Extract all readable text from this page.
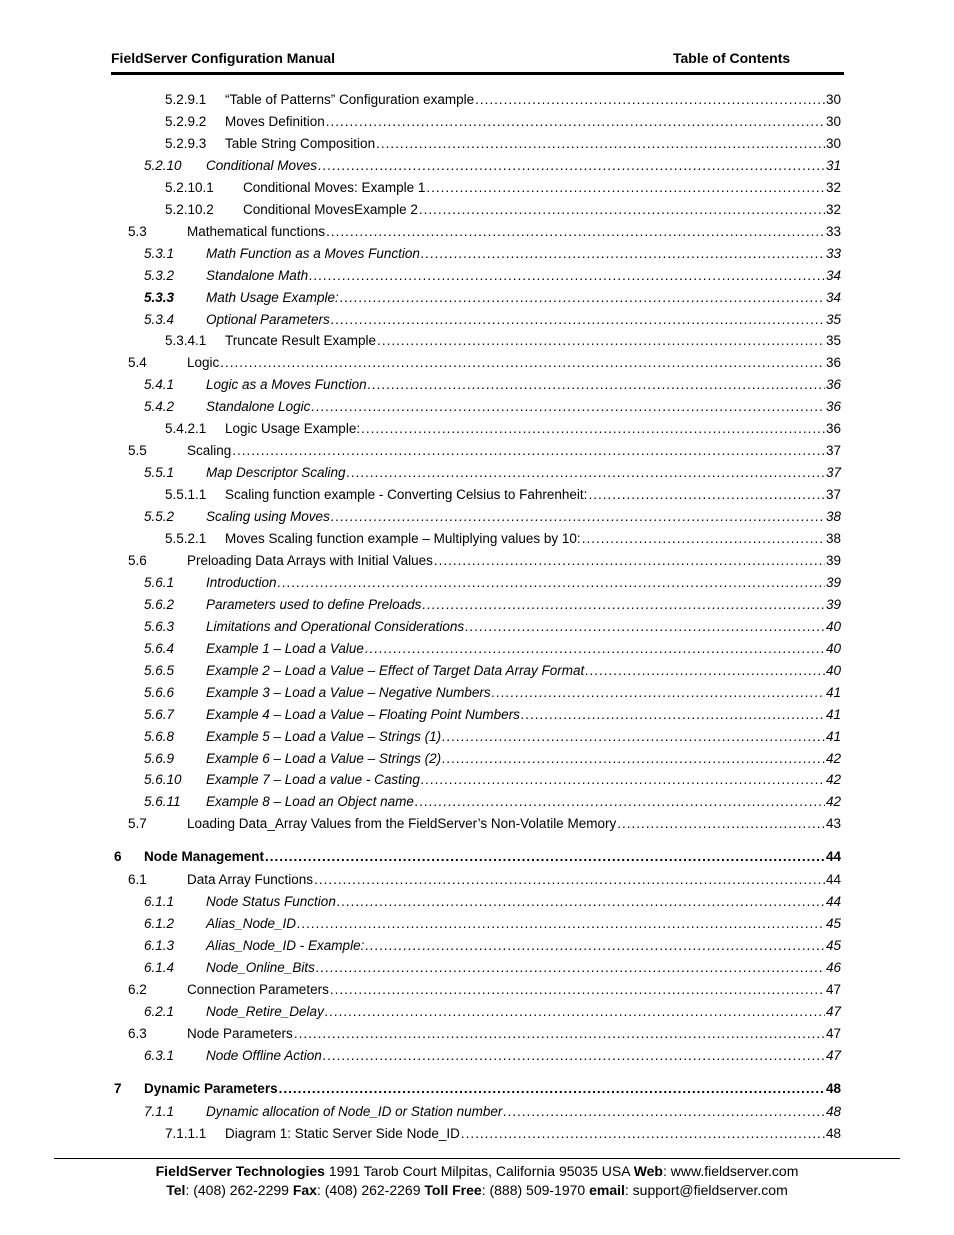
FieldServer Configuration Manual	Table of Contents
5.2.9.1 “Table of Patterns” Configuration example .....	30
5.2.9.2 Moves Definition .....	30
5.2.9.3 Table String Composition .....	30
5.2.10 Conditional Moves .....	31
5.2.10.1 Conditional Moves: Example 1 .....	32
5.2.10.2 Conditional MovesExample 2 .....	32
5.3	Mathematical functions .....	33
5.3.1 Math Function as a Moves Function .....	33
5.3.2 Standalone Math .....	34
5.3.3 Math Usage Example: .....	34
5.3.4 Optional Parameters .....	35
5.3.4.1 Truncate Result Example .....	35
5.4	Logic .....	36
5.4.1 Logic as a Moves Function .....	36
5.4.2 Standalone Logic .....	36
5.4.2.1 Logic Usage Example: .....	36
5.5	Scaling .....	37
5.5.1 Map Descriptor Scaling .....	37
5.5.1.1 Scaling function example - Converting Celsius to Fahrenheit: .....	37
5.5.2 Scaling using Moves .....	38
5.5.2.1 Moves Scaling function example – Multiplying values by 10: .....	38
5.6	Preloading Data Arrays with Initial Values .....	39
5.6.1 Introduction .....	39
5.6.2 Parameters used to define Preloads .....	39
5.6.3 Limitations and Operational Considerations .....	40
5.6.4 Example 1 – Load a Value .....	40
5.6.5 Example 2 – Load a Value – Effect of Target Data Array Format .....	40
5.6.6 Example 3 – Load a Value – Negative Numbers .....	41
5.6.7 Example 4 – Load a Value – Floating Point Numbers .....	41
5.6.8 Example 5 – Load a Value – Strings (1) .....	41
5.6.9 Example 6 – Load a Value – Strings (2) .....	42
5.6.10 Example 7 – Load a value - Casting .....	42
5.6.11 Example 8 – Load an Object name .....	42
5.7	Loading Data_Array Values from the FieldServer’s Non-Volatile Memory .....	43
6 Node Management .....	44
6.1	Data Array Functions .....	44
6.1.1 Node Status Function .....	44
6.1.2 Alias_Node_ID .....	45
6.1.3 Alias_Node_ID - Example: .....	45
6.1.4 Node_Online_Bits .....	46
6.2	Connection Parameters .....	47
6.2.1 Node_Retire_Delay .....	47
6.3	Node Parameters .....	47
6.3.1 Node Offline Action .....	47
7 Dynamic Parameters .....	48
7.1.1 Dynamic allocation of Node_ID or Station number .....	48
7.1.1.1 Diagram 1: Static Server Side Node_ID .....	48
FieldServer Technologies 1991 Tarob Court Milpitas, California 95035 USA Web: www.fieldserver.com
Tel: (408) 262-2299 Fax: (408) 262-2269 Toll Free: (888) 509-1970 email: support@fieldserver.com
